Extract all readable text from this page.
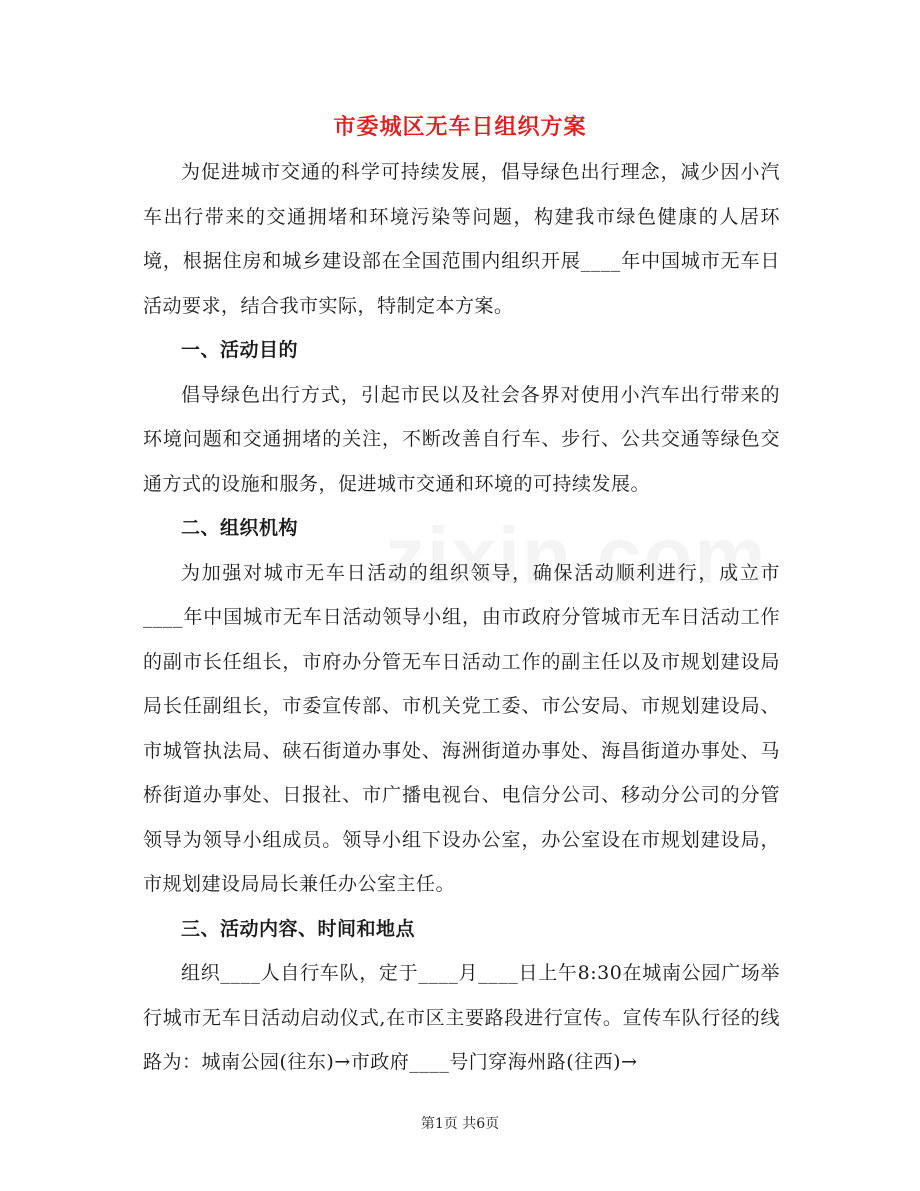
市委城区无车日组织方案

为促进城市交通的科学可持续发展，倡导绿色出行理念，减少因小汽车出行带来的交通拥堵和环境污染等问题，构建我市绿色健康的人居环境，根据住房和城乡建设部在全国范围内组织开展____年中国城市无车日活动要求，结合我市实际，特制定本方案。

一、活动目的

倡导绿色出行方式，引起市民以及社会各界对使用小汽车出行带来的环境问题和交通拥堵的关注，不断改善自行车、步行、公共交通等绿色交通方式的设施和服务，促进城市交通和环境的可持续发展。

二、组织机构

为加强对城市无车日活动的组织领导，确保活动顺利进行，成立市____年中国城市无车日活动领导小组，由市政府分管城市无车日活动工作的副市长任组长，市府办分管无车日活动工作的副主任以及市规划建设局局长任副组长，市委宣传部、市机关党工委、市公安局、市规划建设局、市城管执法局、硖石街道办事处、海洲街道办事处、海昌街道办事处、马桥街道办事处、日报社、市广播电视台、电信分公司、移动分公司的分管领导为领导小组成员。领导小组下设办公室，办公室设在市规划建设局，市规划建设局局长兼任办公室主任。

三、活动内容、时间和地点

组织____人自行车队，定于____月____日上午8:30在城南公园广场举行城市无车日活动启动仪式,在市区主要路段进行宣传。宣传车队行径的线路为：城南公园(往东)→市政府____号门穿海州路(往西)→

第1页 共6页
